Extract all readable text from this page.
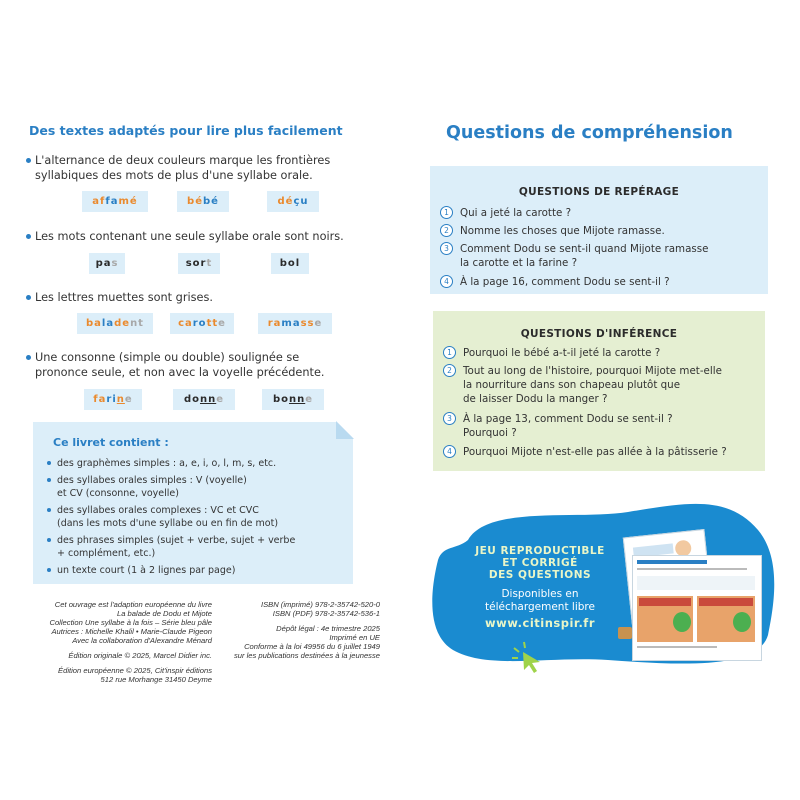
Des textes adaptés pour lire plus facilement
L'alternance de deux couleurs marque les frontières
syllabiques des mots de plus d'une syllabe orale.
affamé	bébé	déçu
Les mots contenant une seule syllabe orale sont noirs.
pas	sort	bol
Les lettres muettes sont grises.
baladent	carotte	ramasse
Une consonne (simple ou double) soulignée se
prononce seule, et non avec la voyelle précédente.
farine	donne	bonne
Ce livret contient :
des graphèmes simples : a, e, i, o, l, m, s, etc.
des syllabes orales simples : V (voyelle)
et CV (consonne, voyelle)
des syllabes orales complexes : VC et CVC
(dans les mots d'une syllabe ou en fin de mot)
des phrases simples (sujet + verbe, sujet + verbe
+ complément, etc.)
un texte court (1 à 2 lignes par page)
Cet ouvrage est l'adaption européenne du livre
La balade de Dodu et Mijote
Collection Une syllabe à la fois – Série bleu pâle
Autrices : Michelle Khalil • Marie-Claude Pigeon
Avec la collaboration d'Alexandre Ménard
Édition originale © 2025, Marcel Didier inc.
Édition européenne © 2025, Cit'inspir éditions
512 rue Morhange 31450 Deyme
ISBN (imprimé) 978-2-35742-520-0
ISBN (PDF) 978-2-35742-536-1
Dépôt légal : 4e trimestre 2025
Imprimé en UE
Conforme à la loi 49956 du 6 juillet 1949
sur les publications destinées à la jeunesse
Questions de compréhension
QUESTIONS DE REPÉRAGE
1	Qui a jeté la carotte ?
2	Nomme les choses que Mijote ramasse.
3	Comment Dodu se sent-il quand Mijote ramasse
la carotte et la farine ?
4	À la page 16, comment Dodu se sent-il ?
QUESTIONS D'INFÉRENCE
1	Pourquoi le bébé a-t-il jeté la carotte ?
2	Tout au long de l'histoire, pourquoi Mijote met-elle
la nourriture dans son chapeau plutôt que
de laisser Dodu la manger ?
3	À la page 13, comment Dodu se sent-il ?
Pourquoi ?
4	Pourquoi Mijote n'est-elle pas allée à la pâtisserie ?
JEU REPRODUCTIBLE
ET CORRIGÉ
DES QUESTIONS
Disponibles en
téléchargement libre
www.citinspir.fr
